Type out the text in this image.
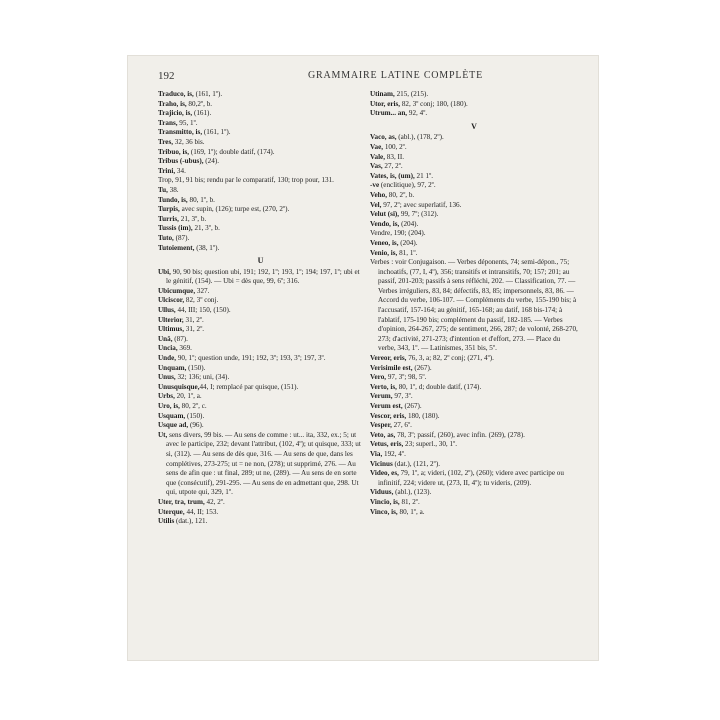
192	GRAMMAIRE LATINE COMPLÈTE

Traduco, is, (161, 1º).

Traho, is, 80,2º, b.

Trajicio, is, (161).

Trans, 95, 1º.

Transmitto, is, (161, 1º).

Tres, 32, 36 bis.

Tribuo, is, (169, 1º); double datif, (174).

Tribus (-ubus), (24).

Trini, 34.

Trop, 91, 91 bis; rendu par le comparatif, 130; trop pour, 131.

Tu, 38.

Tundo, is, 80, 1º, b.

Turpis, avec supin, (126); turpe est, (270, 2º).

Turris, 21, 3º, b.

Tussis (im), 21, 3º, b.

Tuto, (87).

Tutoiement, (38, 1º).

U

Ubi, 90, 90 bis; question ubi, 191; 192, 1º; 193, 1º; 194; 197, 1º; ubi et le génitif, (154). — Ubi = dès que, 99, 6º; 316.

Ubicumque, 327.

Ulciscor, 82, 3º conj.

Ullus, 44, III; 150, (150).

Ulterior, 31, 2º.

Ultimus, 31, 2º.

Unâ, (87).

Uncia, 369.

Unde, 90, 1º; question unde, 191; 192, 3º; 193, 3º; 197, 3º.

Unquam, (150).

Unus, 32; 136; uni, (34).

Unusquisque,44, I; remplacé par quisque, (151).

Urbs, 20, 1º, a.

Uro, is, 80, 2º, c.

Usquam, (150).

Usque ad, (96).

Ut, sens divers, 99 bis. — Au sens de comme : ut... ita, 332, ex.; 5; ut avec le participe, 232; devant l'attribut, (102, 4º); ut quisque, 333; ut si, (312). — Au sens de dès que, 316. — Au sens de que, dans les complétives, 273-275; ut = ne non, (278); ut supprimé, 276. — Au sens de afin que : ut final, 289; ut ne, (289). — Au sens de en sorte que (consécutif), 291-295. — Au sens de en admettant que, 298. Ut qui, utpote qui, 329, 1º.

Uter, tra, trum, 42, 2º.

Uterque, 44, II; 153.

Utilis (dat.), 121.

Utinam, 215, (215).

Utor, eris, 82, 3º conj; 180, (180).

Utrum... an, 92, 4º.

V

Vaco, as, (abl.), (178, 2º).

Vae, 100, 2º.

Vale, 83, II.

Vas, 27, 2º.

Vates, is, (um), 21 1º.

-ve (enclitique), 97, 2º.

Veho, 80, 2º, b.

Vel, 97, 2º; avec superlatif, 136.

Velut (si), 99, 7º; (312).

Vendo, is, (204).

Vendre, 190; (204).

Veneo, is, (204).

Venio, is, 81, 1º.

Verbes : voir Conjugaison. — Verbes déponents, 74; semi-dépon., 75; inchoatifs, (77, I, 4º), 356; transitifs et intransitifs, 70; 157; 201; au passif, 201-203; passifs à sens réfléchi, 202. — Classification, 77. — Verbes irréguliers, 83, 84; défectifs, 83, 85; impersonnels, 83, 86. — Accord du verbe, 106-107. — Compléments du verbe, 155-190 bis; à l'accusatif, 157-164; au génitif, 165-168; au datif, 168 bis-174; à l'ablatif, 175-190 bis; complément du passif, 182-185. — Verbes d'opinion, 264-267, 275; de sentiment, 266, 287; de volonté, 268-270, 273; d'activité, 271-273; d'intention et d'effort, 273. — Place du verbe, 343, 1º. — Latinismes, 351 bis, 5º.

Vereor, eris, 76, 3, a; 82, 2º conj; (271, 4º).

Verisimile est, (267).

Vero, 97, 3º; 98, 5º.

Verto, is, 80, 1º, d; double datif, (174).

Verum, 97, 3º.

Verum est, (267).

Vescor, eris, 180, (180).

Vesper, 27, 6º.

Veto, as, 78, 3º; passif, (260), avec infin. (269), (278).

Vetus, eris, 23; superl., 30, 1º.

Via, 192, 4º.

Vicinus (dat.), (121, 2º).

Video, es, 79, 1º, a; videri, (102, 2º), (260); videre avec participe ou infinitif, 224; videre ut, (273, II, 4º); tu videris, (209).

Viduus, (abl.), (123).

Vincio, is, 81, 2º.

Vinco, is, 80, 1º, a.
